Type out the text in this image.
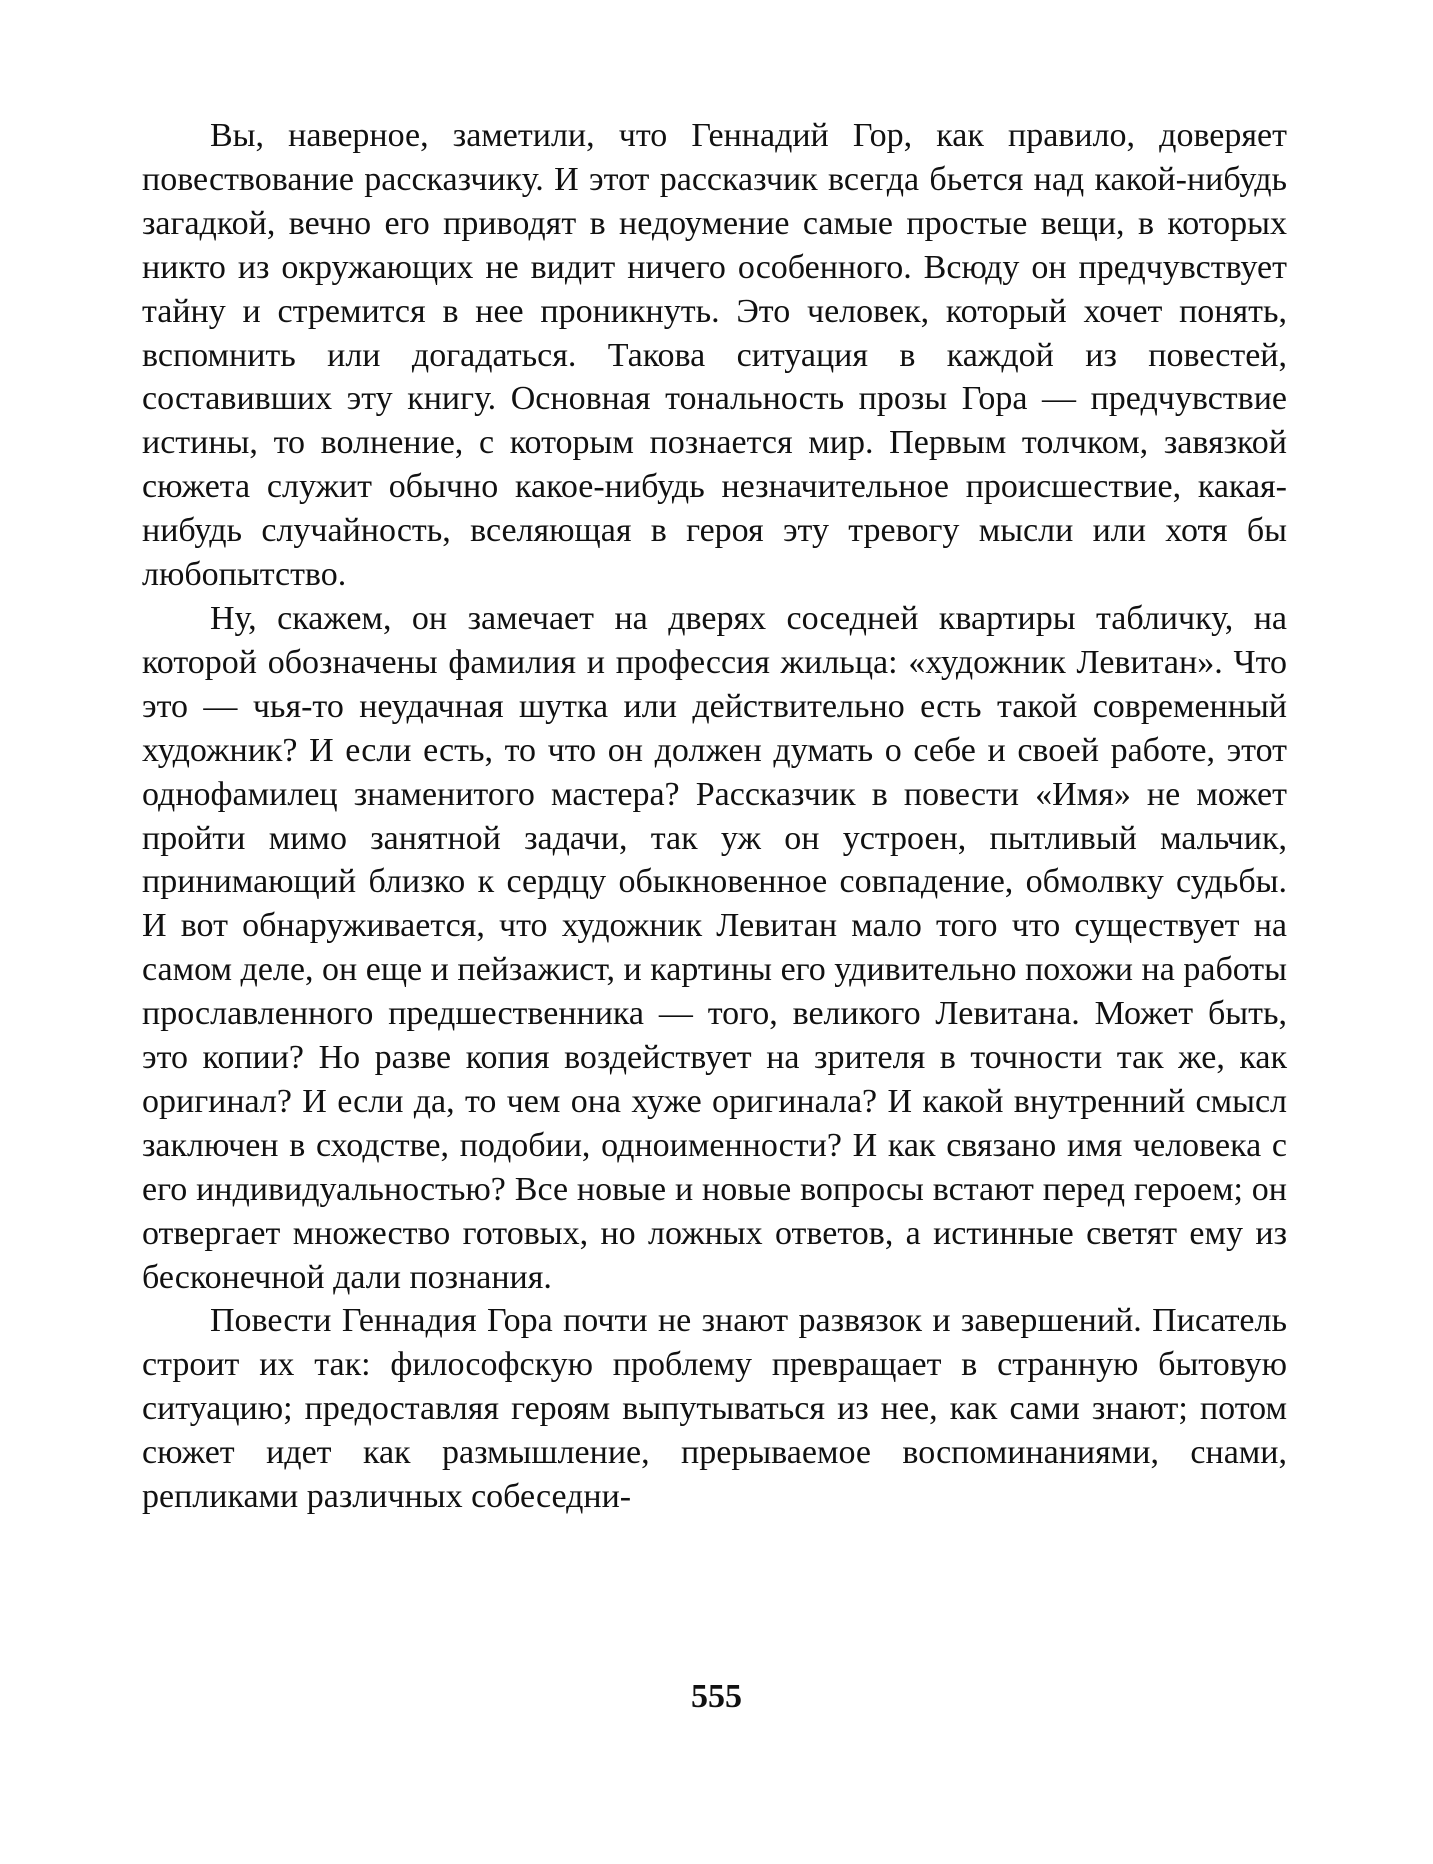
Вы, наверное, заметили, что Геннадий Гор, как правило, доверяет повествование рассказчику. И этот рассказчик всегда бьется над какой-нибудь загадкой, вечно его приводят в недоумение самые простые вещи, в которых никто из окружающих не видит ничего особенного. Всюду он предчувствует тайну и стремится в нее проникнуть. Это человек, который хочет понять, вспомнить или догадаться. Такова ситуация в каждой из повестей, составивших эту книгу. Основная тональность прозы Гора — предчувствие истины, то волнение, с которым познается мир. Первым толчком, завязкой сюжета служит обычно какое-нибудь незначительное происшествие, какая-нибудь случайность, вселяющая в героя эту тревогу мысли или хотя бы любопытство.

Ну, скажем, он замечает на дверях соседней квартиры табличку, на которой обозначены фамилия и профессия жильца: «художник Левитан». Что это — чья-то неудачная шутка или действительно есть такой современный художник? И если есть, то что он должен думать о себе и своей работе, этот однофамилец знаменитого мастера? Рассказчик в повести «Имя» не может пройти мимо занятной задачи, так уж он устроен, пытливый мальчик, принимающий близко к сердцу обыкновенное совпадение, обмолвку судьбы. И вот обнаруживается, что художник Левитан мало того что существует на самом деле, он еще и пейзажист, и картины его удивительно похожи на работы прославленного предшественника — того, великого Левитана. Может быть, это копии? Но разве копия воздействует на зрителя в точности так же, как оригинал? И если да, то чем она хуже оригинала? И какой внутренний смысл заключен в сходстве, подобии, одноименности? И как связано имя человека с его индивидуальностью? Все новые и новые вопросы встают перед героем; он отвергает множество готовых, но ложных ответов, а истинные светят ему из бесконечной дали познания.

Повести Геннадия Гора почти не знают развязок и завершений. Писатель строит их так: философскую проблему превращает в странную бытовую ситуацию; предоставляя героям выпутываться из нее, как сами знают; потом сюжет идет как размышление, прерываемое воспоминаниями, снами, репликами различных собеседни-

555
